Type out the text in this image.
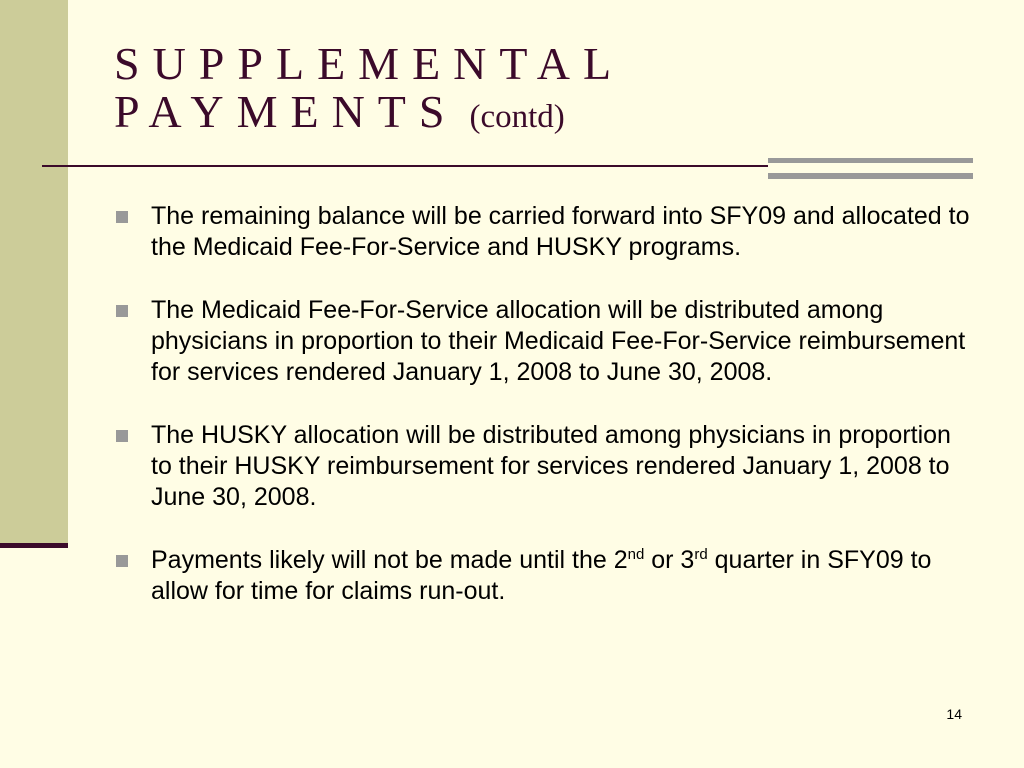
SUPPLEMENTAL
PAYMENTS (contd)
The remaining balance will be carried forward into SFY09 and allocated to the Medicaid Fee-For-Service and HUSKY programs.
The Medicaid Fee-For-Service allocation will be distributed among physicians in proportion to their Medicaid Fee-For-Service reimbursement for services rendered January 1, 2008 to June 30, 2008.
The HUSKY allocation will be distributed among physicians in proportion to their HUSKY reimbursement for services rendered January 1, 2008 to June 30, 2008.
Payments likely will not be made until the 2nd or 3rd quarter in SFY09 to allow for time for claims run-out.
14
